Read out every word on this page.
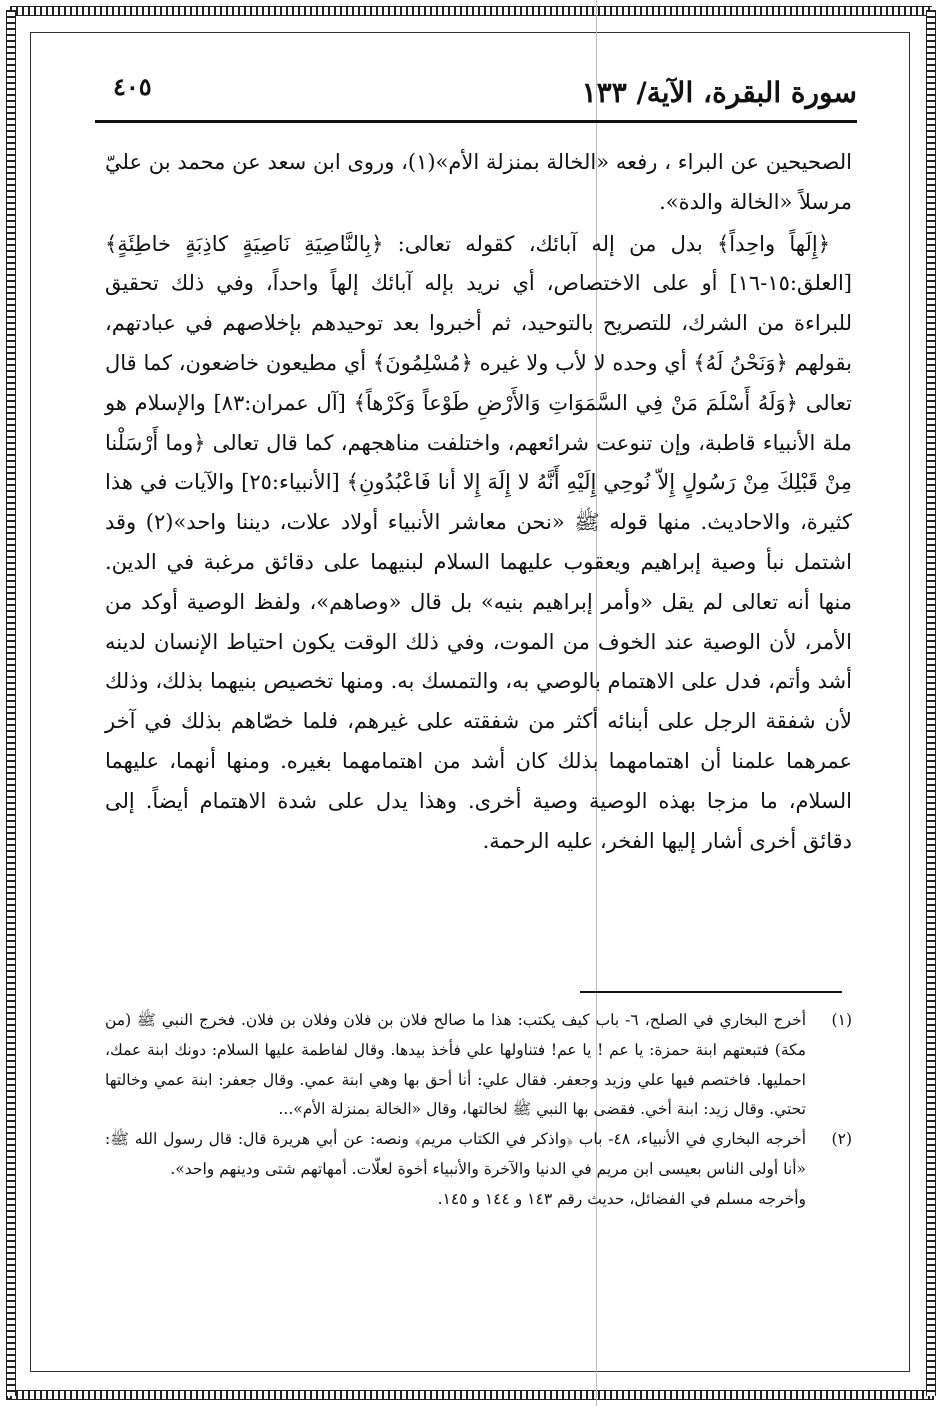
٤٠٥	سورة البقرة، الآية/ ١٣٣

الصحيحين عن البراء ، رفعه «الخالة بمنزلة الأم»(١)، وروى ابن سعد عن محمد بن عليّ مرسلاً «الخالة والدة».

﴿إِلَهاً واحِداً﴾ بدل من إله آبائك، كقوله تعالى: ﴿بِالنَّاصِيَةِ نَاصِيَةٍ كاذِبَةٍ خاطِئَةٍ﴾ [العلق:١٥-١٦] أو على الاختصاص، أي نريد بإله آبائك إلهاً واحداً، وفي ذلك تحقيق للبراءة من الشرك، للتصريح بالتوحيد، ثم أخبروا بعد توحيدهم بإخلاصهم في عبادتهم، بقولهم ﴿وَنَحْنُ لَهُ﴾ أي وحده لا لأب ولا غيره ﴿مُسْلِمُونَ﴾ أي مطيعون خاضعون، كما قال تعالى ﴿وَلَهُ أَسْلَمَ مَنْ فِي السَّمَوَاتِ وَالأَرْضِ طَوْعاً وَكَرْهاً﴾ [آل عمران:٨٣] والإسلام هو ملة الأنبياء قاطبة، وإن تنوعت شرائعهم، واختلفت مناهجهم، كما قال تعالى ﴿وما أَرْسَلْنا مِنْ قَبْلِكَ مِنْ رَسُولٍ إِلاّ نُوحِي إِلَيْهِ أَنَّهُ لا إِلَهَ إِلا أنا فَاعْبُدُونِ﴾ [الأنبياء:٢٥] والآيات في هذا كثيرة، والاحاديث. منها قوله ﷺ «نحن معاشر الأنبياء أولاد علات، ديننا واحد»(٢) وقد اشتمل نبأ وصية إبراهيم ويعقوب عليهما السلام لبنيهما على دقائق مرغبة في الدين. منها أنه تعالى لم يقل «وأمر إبراهيم بنيه» بل قال «وصاهم»، ولفظ الوصية أوكد من الأمر، لأن الوصية عند الخوف من الموت، وفي ذلك الوقت يكون احتياط الإنسان لدينه أشد وأتم، فدل على الاهتمام بالوصي به، والتمسك به. ومنها تخصيص بنيهما بذلك، وذلك لأن شفقة الرجل على أبنائه أكثر من شفقته على غيرهم، فلما خصّاهم بذلك في آخر عمرهما علمنا أن اهتمامهما بذلك كان أشد من اهتمامهما بغيره. ومنها أنهما، عليهما السلام، ما مزجا بهذه الوصية وصية أخرى. وهذا يدل على شدة الاهتمام أيضاً. إلى دقائق أخرى أشار إليها الفخر، عليه الرحمة.

(١)
أخرج البخاري في الصلح، ٦- باب كيف يكتب: هذا ما صالح فلان بن فلان وفلان بن فلان. فخرج النبي ﷺ (من مكة) فتبعتهم ابنة حمزة: يا عم ! يا عم! فتناولها علي فأخذ بيدها. وقال لفاطمة عليها السلام: دونك ابنة عمك، احمليها. فاختصم فيها علي وزيد وجعفر. فقال علي: أنا أحق بها وهي ابنة عمي. وقال جعفر: ابنة عمي وخالتها تحتي. وقال زيد: ابنة أخي. فقضى بها النبي ﷺ لخالتها، وقال «الخالة بمنزلة الأم»...
(٢)
أخرجه البخاري في الأنبياء، ٤٨- باب ﴿واذكر في الكتاب مريم﴾ ونصه: عن أبي هريرة قال: قال رسول الله ﷺ: «أنا أولى الناس بعيسى ابن مريم في الدنيا والآخرة والأنبياء أخوة لعلّات. أمهاتهم شتى ودينهم واحد».
وأخرجه مسلم في الفضائل، حديث رقم ١٤٣ و ١٤٤ و ١٤٥.
